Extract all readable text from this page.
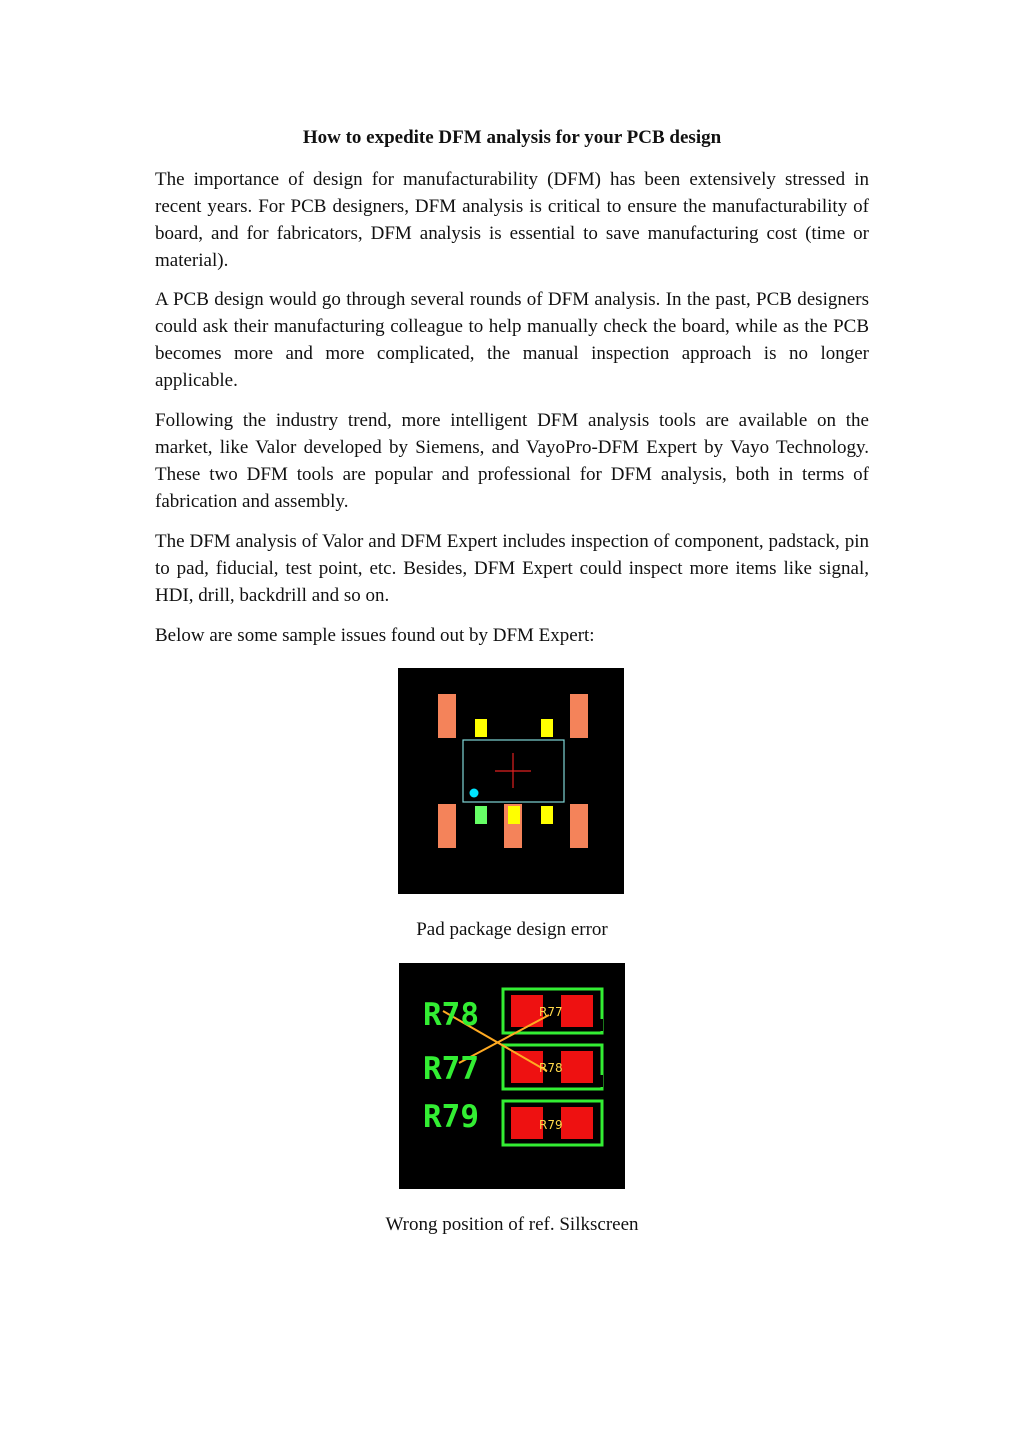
How to expedite DFM analysis for your PCB design

The importance of design for manufacturability (DFM) has been extensively stressed in recent years. For PCB designers, DFM analysis is critical to ensure the manufacturability of board, and for fabricators, DFM analysis is essential to save manufacturing cost (time or material).

A PCB design would go through several rounds of DFM analysis. In the past, PCB designers could ask their manufacturing colleague to help manually check the board, while as the PCB becomes more and more complicated, the manual inspection approach is no longer applicable.

Following the industry trend, more intelligent DFM analysis tools are available on the market, like Valor developed by Siemens, and VayoPro-DFM Expert by Vayo Technology. These two DFM tools are popular and professional for DFM analysis, both in terms of fabrication and assembly.

The DFM analysis of Valor and DFM Expert includes inspection of component, padstack, pin to pad, fiducial, test point, etc. Besides, DFM Expert could inspect more items like signal, HDI, drill, backdrill and so on.

Below are some sample issues found out by DFM Expert:

Pad package design error
R78
R77
R79
R77
R78
R79
Wrong position of ref. Silkscreen
